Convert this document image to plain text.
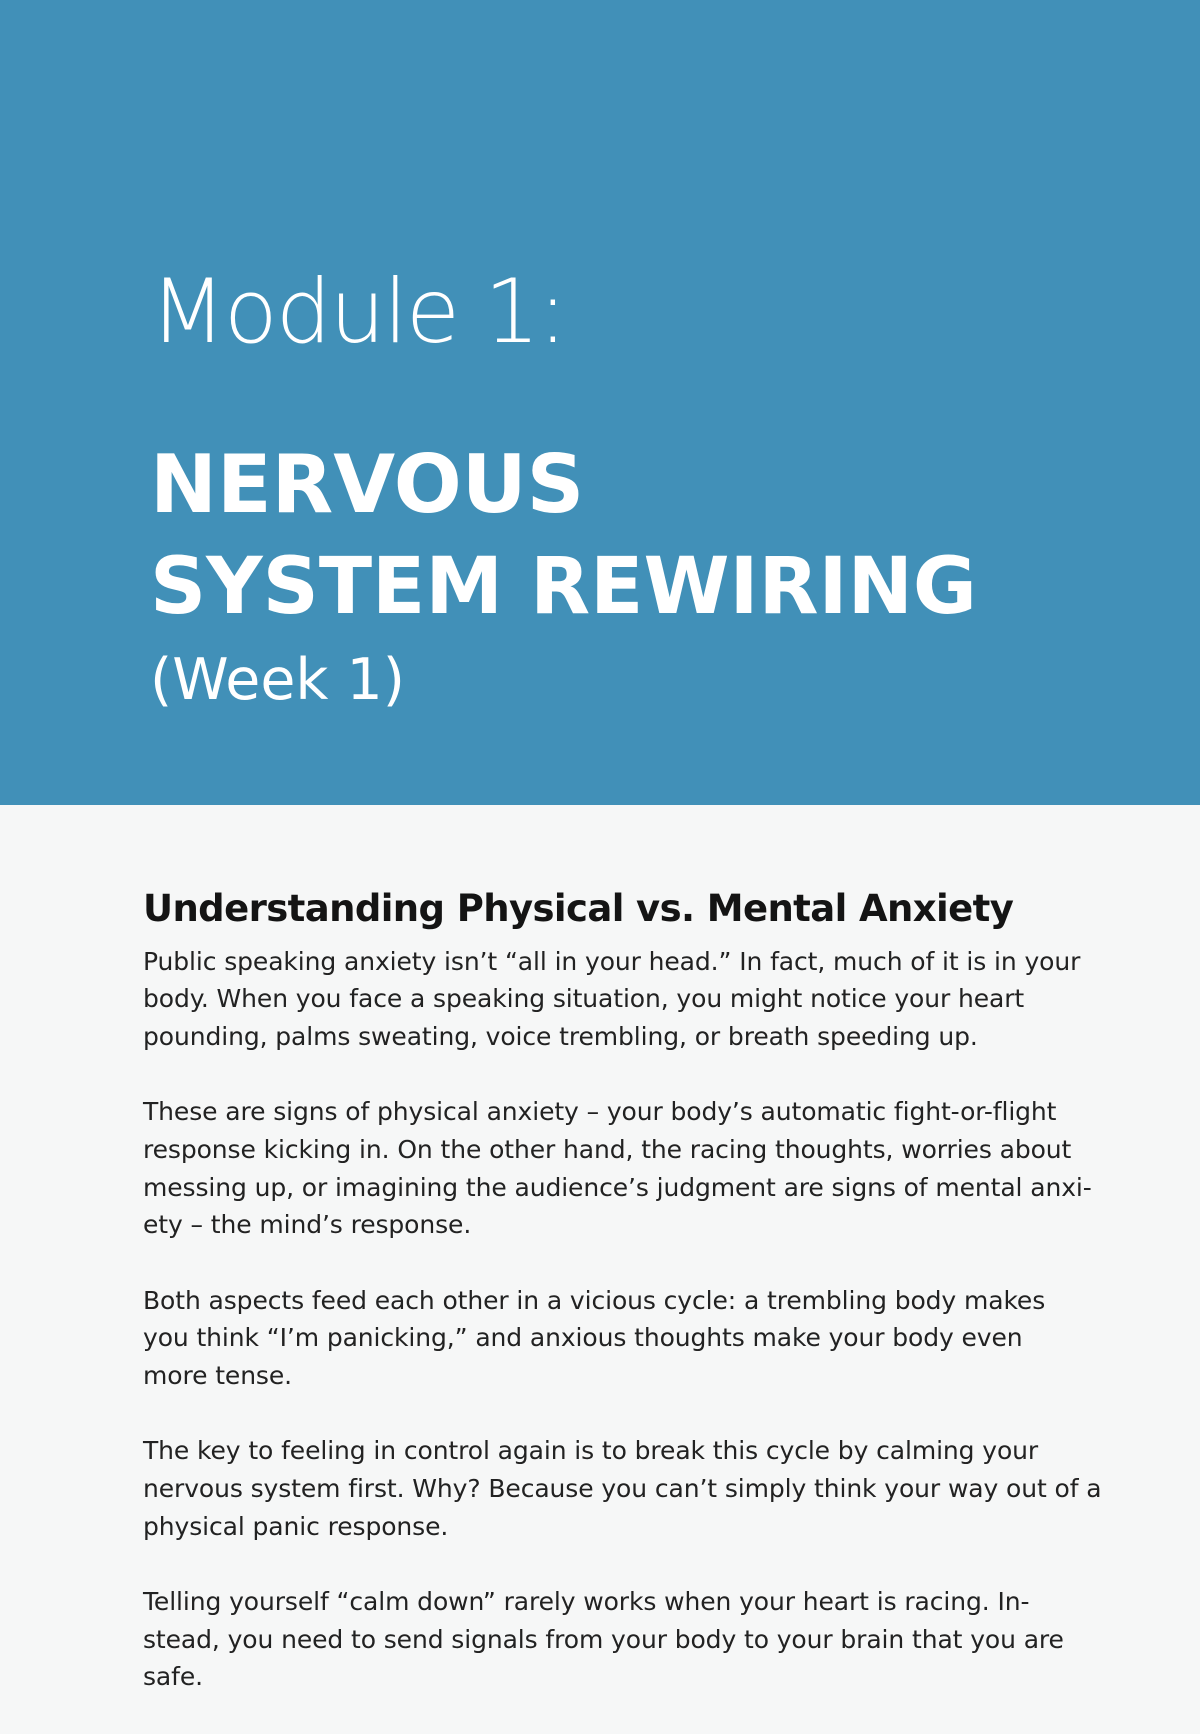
Module 1:
NERVOUS
SYSTEM REWIRING
(Week 1)
Understanding Physical vs. Mental Anxiety

Public speaking anxiety isn’t “all in your head.” In fact, much of it is in your
body. When you face a speaking situation, you might notice your heart
pounding, palms sweating, voice trembling, or breath speeding up.

These are signs of physical anxiety – your body’s automatic fight-or-flight
response kicking in. On the other hand, the racing thoughts, worries about
messing up, or imagining the audience’s judgment are signs of mental anxi-
ety – the mind’s response.

Both aspects feed each other in a vicious cycle: a trembling body makes
you think “I’m panicking,” and anxious thoughts make your body even
more tense.

The key to feeling in control again is to break this cycle by calming your
nervous system first. Why? Because you can’t simply think your way out of a
physical panic response.

Telling yourself “calm down” rarely works when your heart is racing. In-
stead, you need to send signals from your body to your brain that you are
safe.
